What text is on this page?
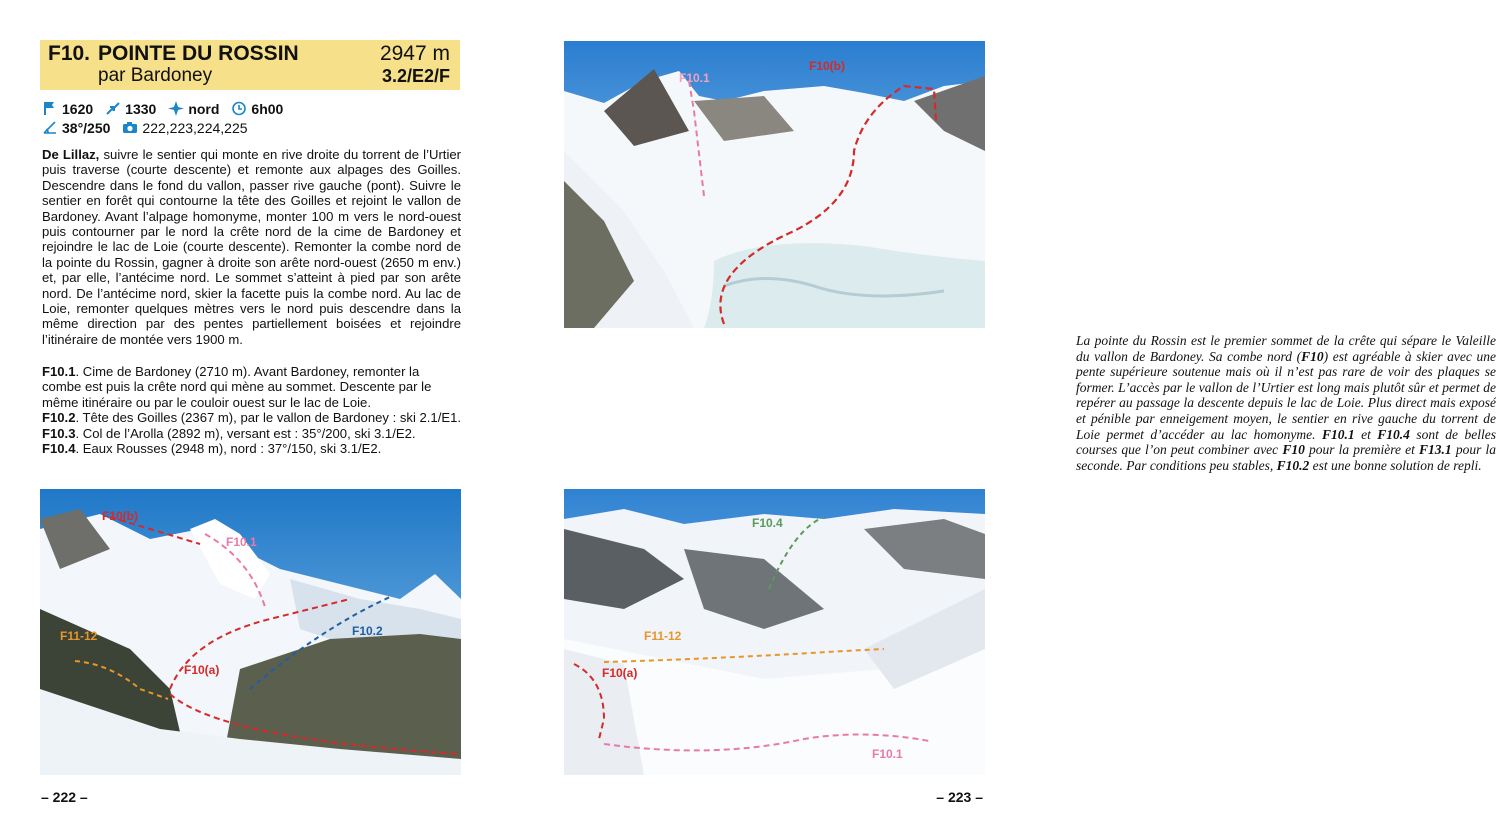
F10. POINTE DU ROSSIN
par Bardoney
2947 m
3.2/E2/F
1620 1330 nord 6h00
38°/250 222,223,224,225

De Lillaz, suivre le sentier qui monte en rive droite du torrent de l’Urtier puis traverse (courte descente) et remonte aux alpages des Goilles. Descendre dans le fond du vallon, passer rive gauche (pont). Suivre le sentier en forêt qui contourne la tête des Goilles et rejoint le vallon de Bardoney. Avant l’alpage homonyme, monter 100 m vers le nord-ouest puis contourner par le nord la crête nord de la cime de Bardoney et rejoindre le lac de Loie (courte descente). Remonter la combe nord de la pointe du Rossin, gagner à droite son arête nord-ouest (2650 m env.) et, par elle, l’antécime nord. Le sommet s’atteint à pied par son arête nord. De l’antécime nord, skier la facette puis la combe nord. Au lac de Loie, remonter quelques mètres vers le nord puis descendre dans la même direction par des pentes partiellement boisées et rejoindre l’itinéraire de montée vers 1900 m.

F10.1. Cime de Bardoney (2710 m). Avant Bardoney, remonter la combe est puis la crête nord qui mène au sommet. Descente par le même itinéraire ou par le couloir ouest sur le lac de Loie.

F10.2. Tête des Goilles (2367 m), par le vallon de Bardoney : ski 2.1/E1.

F10.3. Col de l’Arolla (2892 m), versant est : 35°/200, ski 3.1/E2.

F10.4. Eaux Rousses (2948 m), nord : 37°/150, ski 3.1/E2.

F10(b)
F10.1
F11-12
F10(a)
F10.2
– 222 –
F10.1
F10(b)
La pointe du Rossin est le premier sommet de la crête qui sépare le Valeille du vallon de Bardoney. Sa combe nord (F10) est agréable à skier avec une pente supérieure soutenue mais où il n’est pas rare de voir des plaques se former. L’accès par le vallon de l’Urtier est long mais plutôt sûr et permet de repérer au passage la descente depuis le lac de Loie. Plus direct mais exposé et pénible par enneigement moyen, le sentier en rive gauche du torrent de Loie permet d’accéder au lac homonyme. F10.1 et F10.4 sont de belles courses que l’on peut combiner avec F10 pour la première et F13.1 pour la seconde. Par conditions peu stables, F10.2 est une bonne solution de repli.
F10.4
F11-12
F10(a)
F10.1
– 223 –
